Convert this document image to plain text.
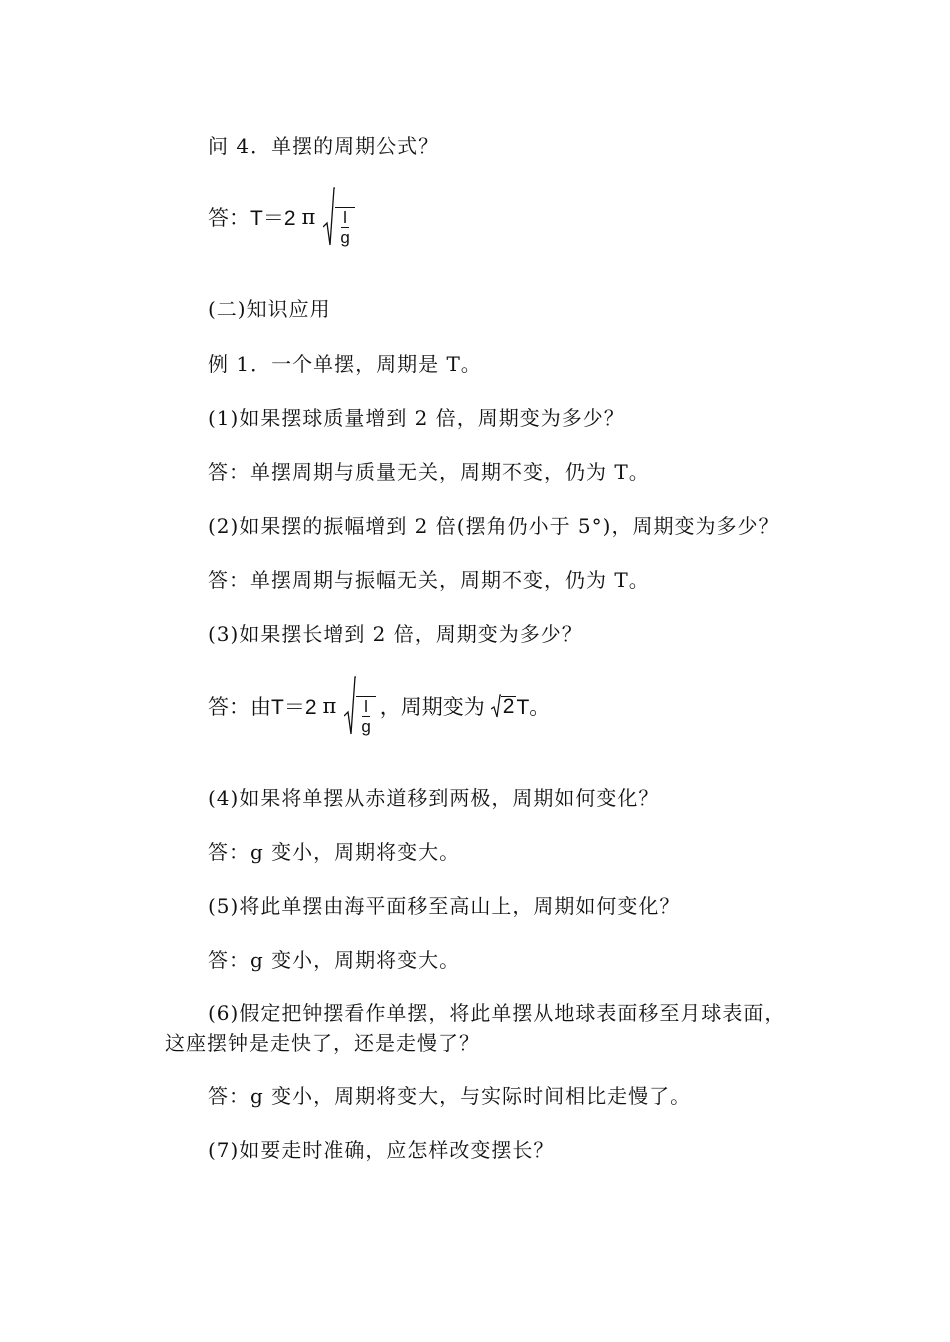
问 4．单摆的周期公式？
答：T＝2 π $\frac{l}{g}$
(二)知识应用
例 1．一个单摆，周期是 T。
(1)如果摆球质量增到 2 倍，周期变为多少？
答：单摆周期与质量无关，周期不变，仍为 T。
(2)如果摆的振幅增到 2 倍(摆角仍小于 5°)，周期变为多少？
答：单摆周期与振幅无关，周期不变，仍为 T。
(3)如果摆长增到 2 倍，周期变为多少？
答：由T＝2 π $\frac{l}{g}$ ，周期变为 2 T。
(4)如果将单摆从赤道移到两极，周期如何变化？
答：g 变小，周期将变大。
(5)将此单摆由海平面移至高山上，周期如何变化？
答：g 变小，周期将变大。
(6)假定把钟摆看作单摆，将此单摆从地球表面移至月球表面，这座摆钟是走快了，还是走慢了？
答：g 变小，周期将变大，与实际时间相比走慢了。
(7)如要走时准确，应怎样改变摆长？
